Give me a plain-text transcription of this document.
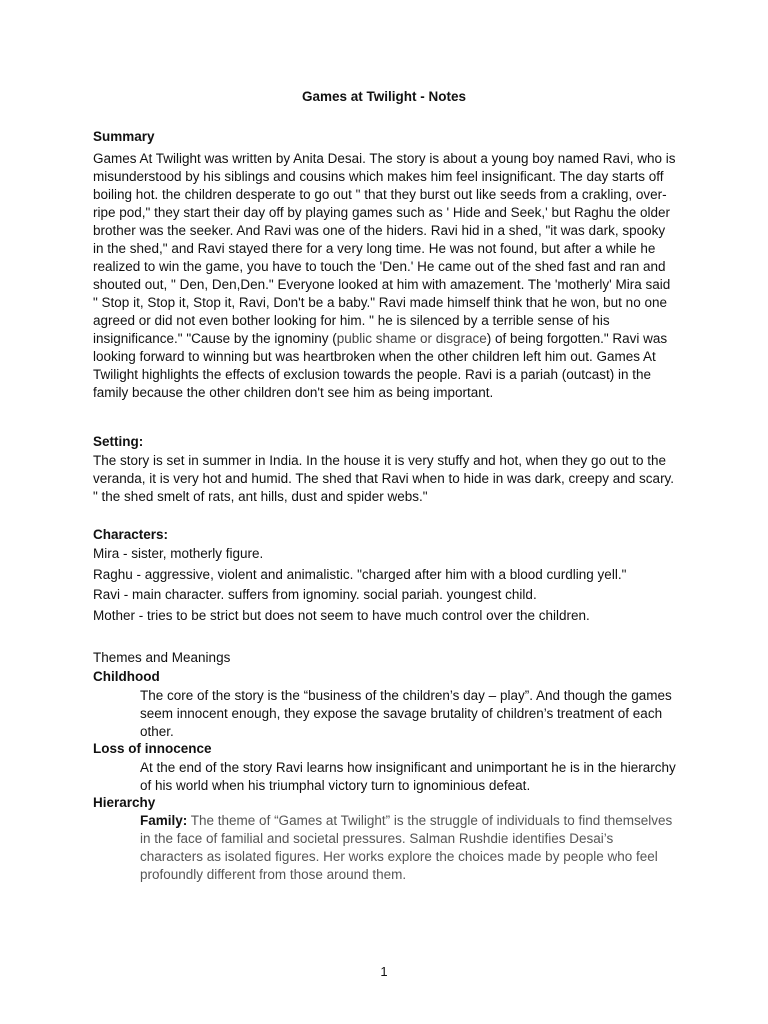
Games at Twilight - Notes
Summary
Games At Twilight was written by Anita Desai. The story is about a young boy named Ravi, who is misunderstood by his siblings and cousins which makes him feel insignificant. The day starts off boiling hot. the children desperate to go out " that they burst out like seeds from a crakling, over- ripe pod," they start their day off by playing games such as ' Hide and Seek,' but Raghu the older brother was the seeker. And Ravi was one of the hiders. Ravi hid in a shed, "it was dark, spooky in the shed," and Ravi stayed there for a very long time. He was not found, but after a while he realized to win the game, you have to touch the 'Den.' He came out of the shed fast and ran and shouted out, " Den, Den,Den." Everyone looked at him with amazement. The 'motherly' Mira said " Stop it, Stop it, Stop it, Ravi, Don't be a baby." Ravi made himself think that he won, but no one agreed or did not even bother looking for him. " he is silenced by a terrible sense of his insignificance." "Cause by the ignominy (public shame or disgrace) of being forgotten." Ravi was looking forward to winning but was heartbroken when the other children left him out. Games At Twilight highlights the effects of exclusion towards the people. Ravi is a pariah (outcast) in the family because the other children don't see him as being important.
Setting:
The story is set in summer in India. In the house it is very stuffy and hot, when they go out to the veranda, it is very hot and humid. The shed that Ravi when to hide in was dark, creepy and scary. " the shed smelt of rats, ant hills, dust and spider webs."
Characters:
Mira - sister, motherly figure.
Raghu - aggressive, violent and animalistic. "charged after him with a blood curdling yell."
Ravi - main character. suffers from ignominy. social pariah. youngest child.
Mother - tries to be strict but does not seem to have much control over the children.
Themes and Meanings
Childhood
The core of the story is the “business of the children’s day – play”. And though the games seem innocent enough, they expose the savage brutality of children’s treatment of each other.
Loss of innocence
At the end of the story Ravi learns how insignificant and unimportant he is in the hierarchy of his world when his triumphal victory turn to ignominious defeat.
Hierarchy
Family: The theme of “Games at Twilight” is the struggle of individuals to find themselves in the face of familial and societal pressures. Salman Rushdie identifies Desai’s characters as isolated figures. Her works explore the choices made by people who feel profoundly different from those around them.
1
